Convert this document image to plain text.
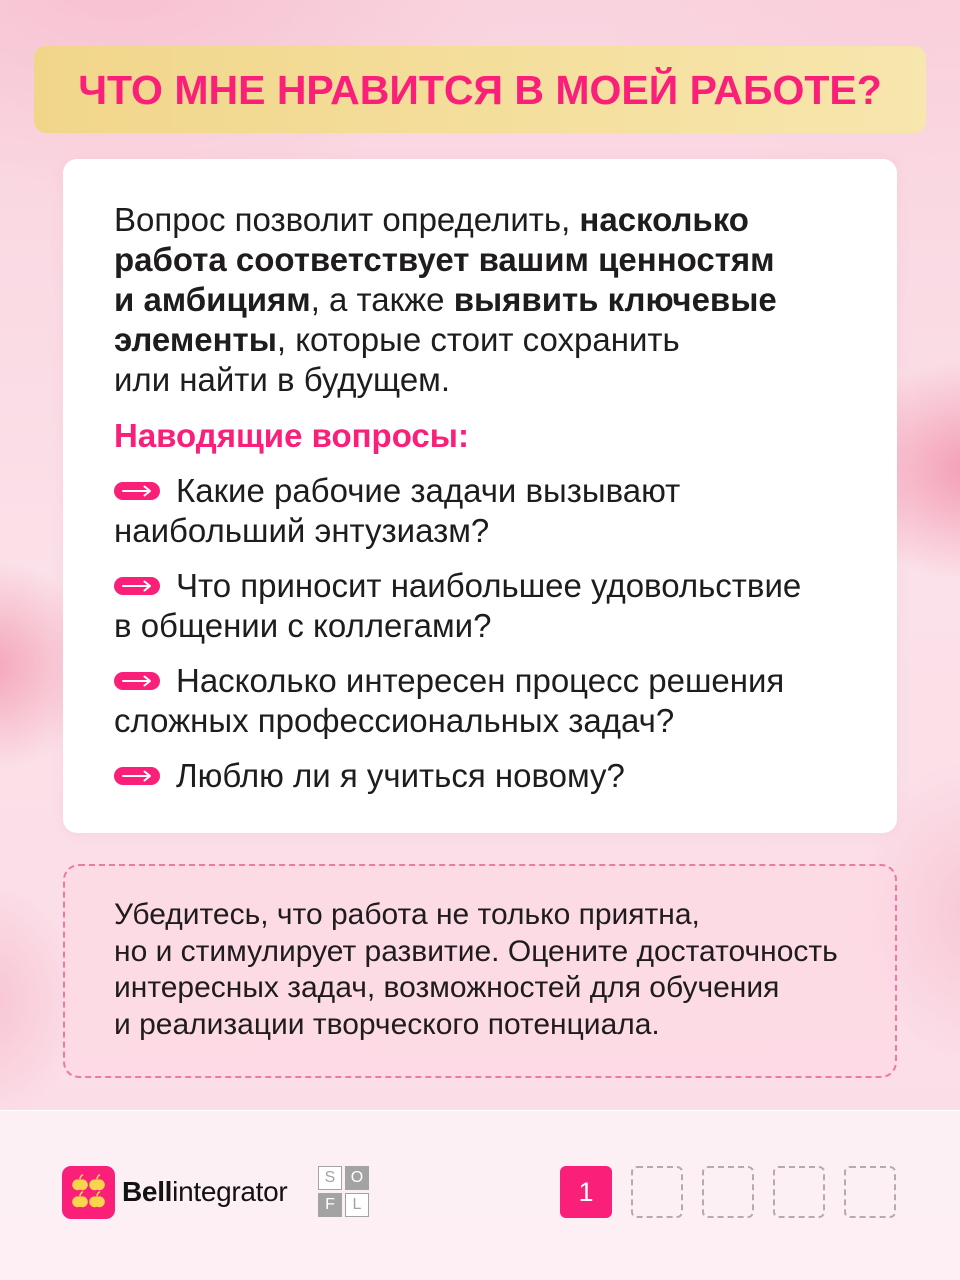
ЧТО МНЕ НРАВИТСЯ В МОЕЙ РАБОТЕ?
Вопрос позволит определить, насколько
работа соответствует вашим ценностям
и амбициям, а также выявить ключевые
элементы, которые стоит сохранить
или найти в будущем.
Наводящие вопросы:
Какие рабочие задачи вызывают
наибольший энтузиазм?
Что приносит наибольшее удовольствие
в общении с коллегами?
Насколько интересен процесс решения
сложных профессиональных задач?
Люблю ли я учиться новому?
Убедитесь, что работа не только приятна,
но и стимулирует развитие. Оцените достаточность
интересных задач, возможностей для обучения
и реализации творческого потенциала.
Bellintegrator	S O
F	L	1
